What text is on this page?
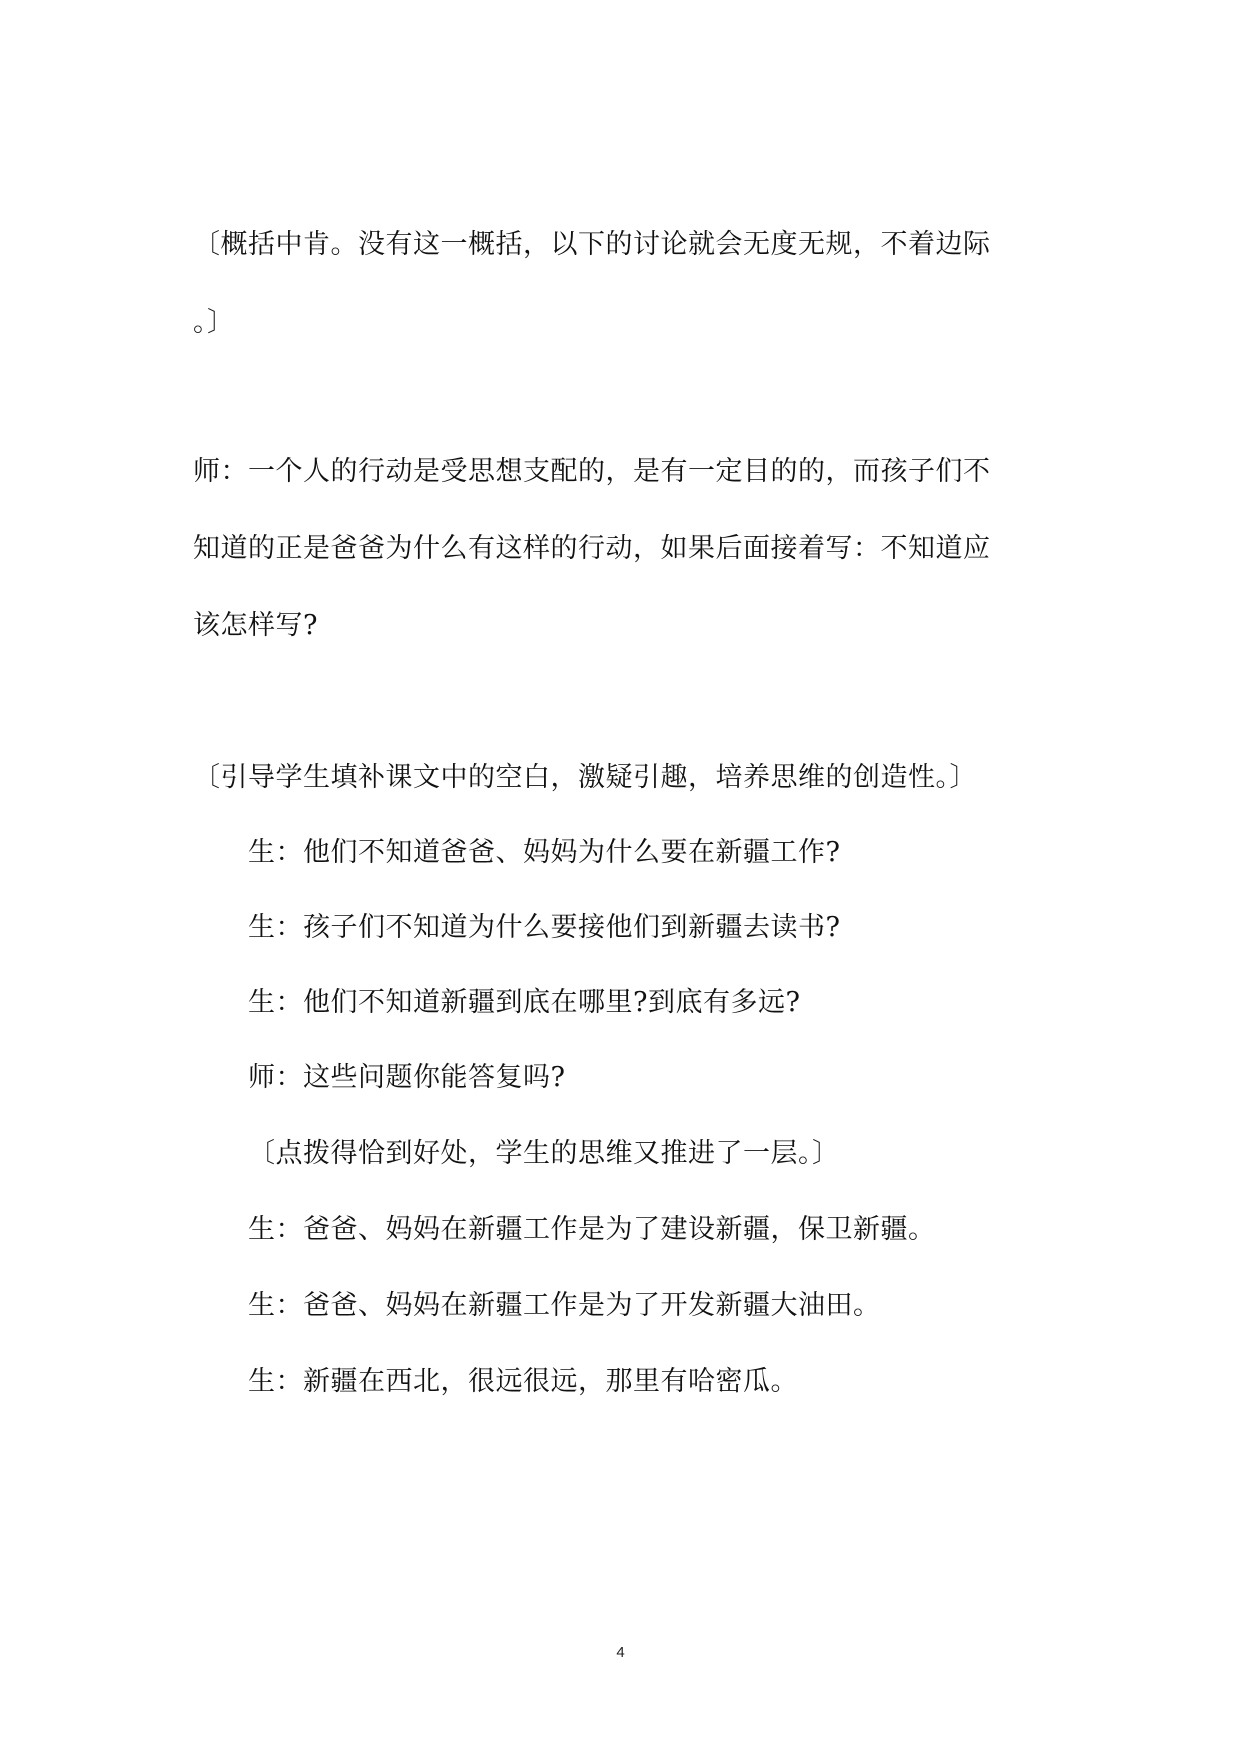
〔概括中肯。没有这一概括，以下的讨论就会无度无规，不着边际
。〕
师：一个人的行动是受思想支配的，是有一定目的的，而孩子们不
知道的正是爸爸为什么有这样的行动，如果后面接着写：不知道应
该怎样写?
〔引导学生填补课文中的空白，激疑引趣，培养思维的创造性。〕
生：他们不知道爸爸、妈妈为什么要在新疆工作?
生：孩子们不知道为什么要接他们到新疆去读书?
生：他们不知道新疆到底在哪里?到底有多远?
师：这些问题你能答复吗?
〔点拨得恰到好处，学生的思维又推进了一层。〕
生：爸爸、妈妈在新疆工作是为了建设新疆，保卫新疆。
生：爸爸、妈妈在新疆工作是为了开发新疆大油田。
生：新疆在西北，很远很远，那里有哈密瓜。
4
